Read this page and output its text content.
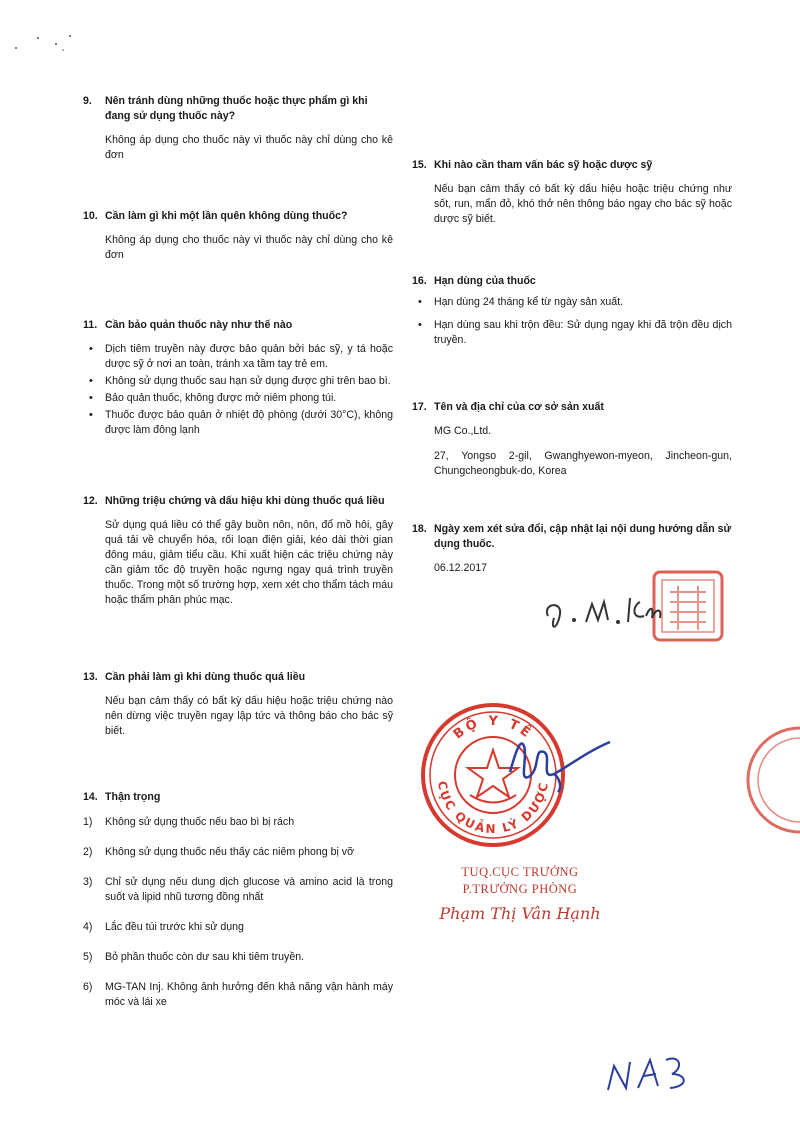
9.	Nên tránh dùng những thuốc hoặc thực phẩm gì khi đang sử dụng thuốc này?
Không áp dụng cho thuốc này vì thuốc này chỉ dùng cho kê đơn
10. Cần làm gì khi một lần quên không dùng thuốc?
Không áp dụng cho thuốc này vì thuốc này chỉ dùng cho kê đơn
11. Cần bảo quản thuốc này như thế nào
• Dịch tiêm truyền này được bảo quản bởi bác sỹ, y tá hoặc dược sỹ ở nơi an toàn, tránh xa tầm tay trẻ em.
• Không sử dụng thuốc sau hạn sử dụng được ghi trên bao bì.
• Bảo quản thuốc, không được mở niêm phong túi.
• Thuốc được bảo quản ở nhiệt độ phòng (dưới 30°C), không được làm đông lạnh
12. Những triệu chứng và dấu hiệu khi dùng thuốc quá liều
Sử dụng quá liều có thể gây buồn nôn, nôn, đổ mồ hôi, gây quá tải về chuyển hóa, rối loạn điện giải, kéo dài thời gian đông máu, giảm tiểu cầu. Khi xuất hiện các triệu chứng này cần giảm tốc độ truyền hoặc ngưng ngay quá trình truyền thuốc. Trong một số trường hợp, xem xét cho thẩm tách máu hoặc thẩm phân phúc mạc.
13. Cần phải làm gì khi dùng thuốc quá liều
Nếu bạn cảm thấy có bất kỳ dấu hiệu hoặc triệu chứng nào nên dừng việc truyền ngay lập tức và thông báo cho bác sỹ biết.
14. Thận trọng
1)	Không sử dụng thuốc nếu bao bì bị rách
2)	Không sử dụng thuốc nếu thấy các niêm phong bị vỡ
3)	Chỉ sử dụng nếu dung dịch glucose và amino acid là trong suốt và lipid nhũ tương đồng nhất
4)	Lắc đều túi trước khi sử dụng
5)	Bỏ phần thuốc còn dư sau khi tiêm truyền.
6)	MG-TAN Inj. Không ảnh hưởng đến khả năng vận hành máy móc và lái xe
15. Khi nào cần tham vấn bác sỹ hoặc dược sỹ
Nếu bạn cảm thấy có bất kỳ dấu hiệu hoặc triệu chứng như sốt, run, mẩn đỏ, khó thở nên thông báo ngay cho bác sỹ hoặc dược sỹ biết.
16. Hạn dùng của thuốc
• Hạn dùng 24 tháng kể từ ngày sản xuất.
• Hạn dùng sau khi trộn đều: Sử dụng ngay khi đã trộn đều dịch truyền.
17. Tên và địa chỉ của cơ sở sản xuất
MG Co.,Ltd.
27, Yongso 2-gil, Gwanghyewon-myeon, Jincheon-gun, Chungcheongbuk-do, Korea
18. Ngày xem xét sửa đổi, cập nhật lại nội dung hướng dẫn sử dụng thuốc.
06.12.2017
BỘ Y TẾ
CỤC QUẢN LÝ DƯỢC
TUQ.CỤC TRƯỞNG
P.TRƯỞNG PHÒNG
Phạm Thị Vân Hạnh
